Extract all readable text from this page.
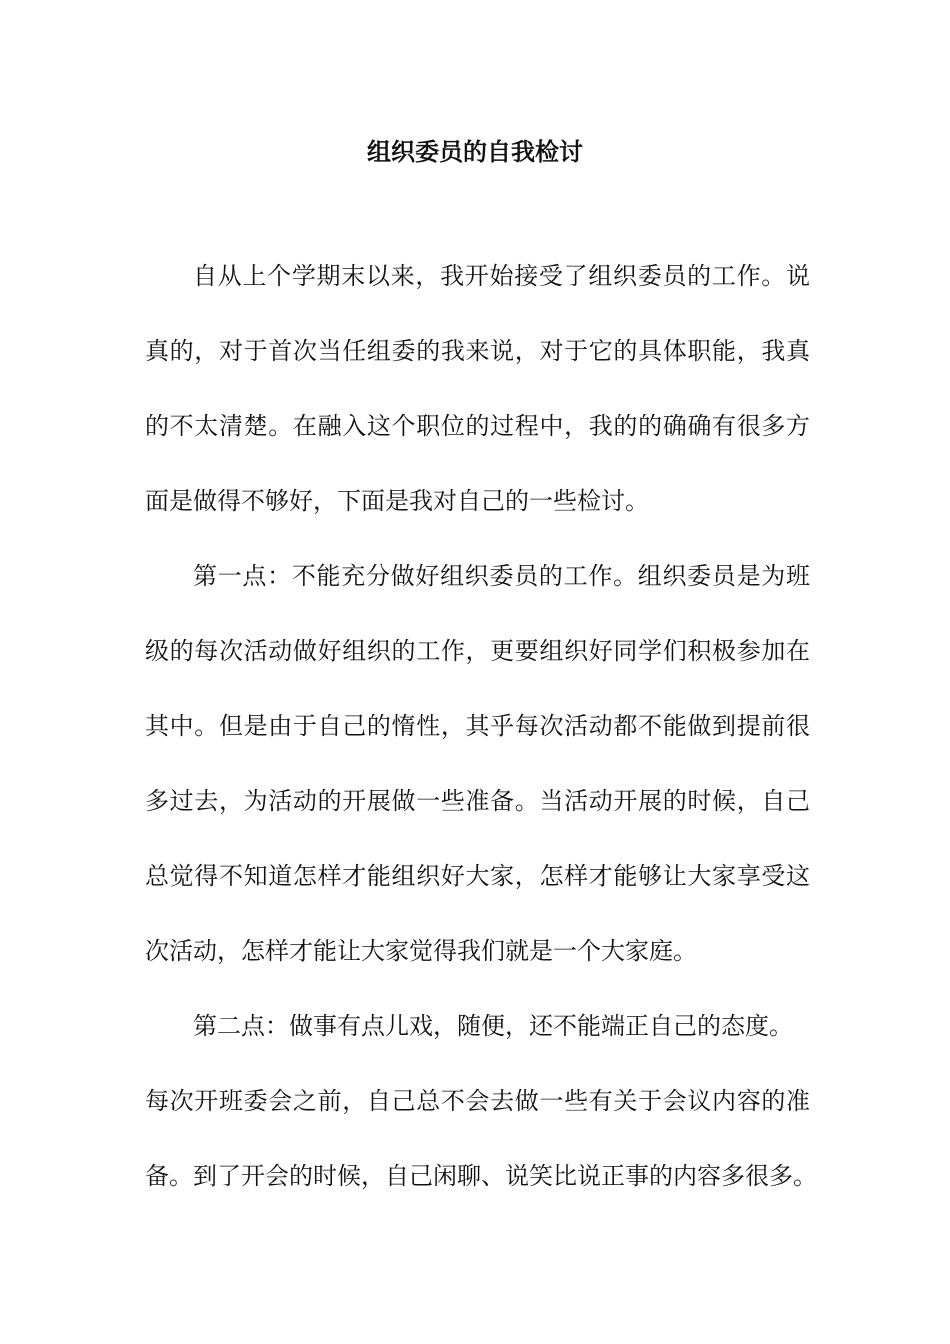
组织委员的自我检讨
自从上个学期末以来，我开始接受了组织委员的工作。说
真的，对于首次当任组委的我来说，对于它的具体职能，我真
的不太清楚。在融入这个职位的过程中，我的的确确有很多方
面是做得不够好，下面是我对自己的一些检讨。
第一点：不能充分做好组织委员的工作。组织委员是为班
级的每次活动做好组织的工作，更要组织好同学们积极参加在
其中。但是由于自己的惰性，其乎每次活动都不能做到提前很
多过去，为活动的开展做一些准备。当活动开展的时候，自己
总觉得不知道怎样才能组织好大家，怎样才能够让大家享受这
次活动，怎样才能让大家觉得我们就是一个大家庭。
第二点：做事有点儿戏，随便，还不能端正自己的态度。
每次开班委会之前，自己总不会去做一些有关于会议内容的准
备。到了开会的时候，自己闲聊、说笑比说正事的内容多很多。
